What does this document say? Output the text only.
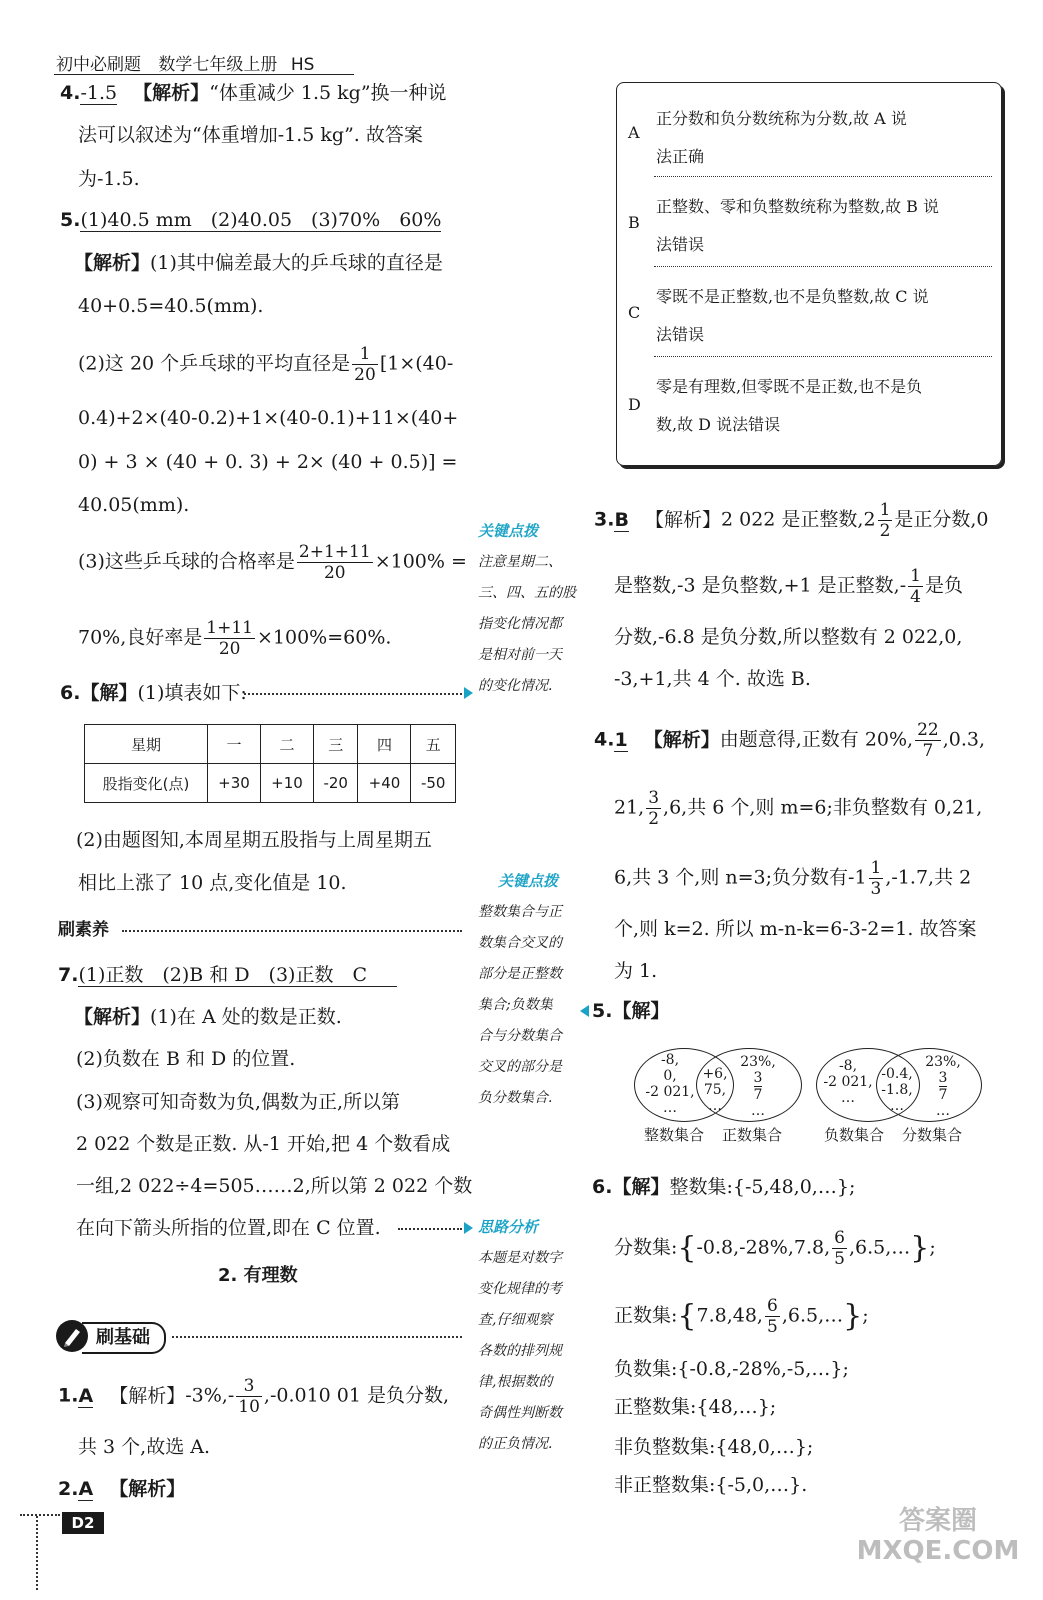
初中必刷题 数学七年级上册 HS
4.-1.5 【解析】“体重减少 1.5 kg”换一种说
法可以叙述为“体重增加-1.5 kg”. 故答案
为-1.5.
5.(1)40.5 mm　(2)40.05　(3)70%　60%
【解析】(1)其中偏差最大的乒乓球的直径是
40+0.5=40.5(mm).
(2)这 20 个乒乓球的平均直径是 $\frac{1}{20} [1\times(40-$
0.4)+2×(40-0.2)+1×(40-0.1)+11×(40+
0) + 3 × (40 + 0. 3) + 2× (40 + 0.5)] =
40.05(mm).
(3)这些乒乓球的合格率是 $\frac{2+1+11}{20} \times 100\%$ =
70%,良好率是 $\frac{1+11}{20} \times 100\%=60\%$.
6.【解】(1)填表如下:
星期	一	二	三	四	五
股指变化(点)	+30	+10	-20	+40	-50
(2)由题图知,本周星期五股指与上周星期五
相比上涨了 10 点,变化值是 10.
刷素养
7.(1)正数　(2)B 和 D　(3)正数　C
【解析】(1)在 A 处的数是正数.
(2)负数在 B 和 D 的位置.
(3)观察可知奇数为负,偶数为正,所以第
2 022 个数是正数. 从-1 开始,把 4 个数看成
一组,2 022÷4=505……2,所以第 2 022 个数
在向下箭头所指的位置,即在 C 位置.
2. 有理数
刷基础
1.A 【解析】$-3\%,- \frac{3}{10} ,-0.010$ 01 是负分数,
共 3 个,故选 A.
2.A 【解析】
D2
关键点拨
注意星期二、
三、四、五的股
指变化情况都
是相对前一天
的变化情况.
关键点拨
整数集合与正
数集合交叉的
部分是正整数
集合;负数集
合与分数集合
交叉的部分是
负分数集合.
思路分析
本题是对数字
变化规律的考
查,仔细观察
各数的排列规
律,根据数的
奇偶性判断数
的正负情况.
A
正分数和负分数统称为分数,故 A 说
法正确
B
正整数、零和负整数统称为整数,故 B 说
法错误
C
零既不是正整数,也不是负整数,故 C 说
法错误
D
零是有理数,但零既不是正数,也不是负
数,故 D 说法错误
3.B 【解析】2 022 是正整数$,2 \frac{1}{2}$ 是正分数,0
是整数,-3 是负整数,+1 是正整数,- $\frac{1}{4}$ 是负
分数,-6.8 是负分数,所以整数有 2 022,0,
-3,+1,共 4 个. 故选 B.
4.1 【解析】由题意得,正数有 20%, $\frac{22}{7} ,0.3$,
21, $\frac{3}{2} ,6$,共 6 个,则 m=6;非负整数有 0,21,
6,共 3 个,则 n=3;负分数有$-1 \frac{1}{3} ,-1.7$,共 2
个,则 k=2. 所以 m-n-k=6-3-2=1. 故答案
为 1.
5.【解】
-8,
0,
-2 021,
…
+6,
75,
…
23%,
3
7
…
整数集合 正数集合
-8,
-2 021,
…
-0.4,
-1.8,
…
23%,
3
7
…
负数集合 分数集合
6.【解】整数集:{-5,48,0,…};
分数集:{-0.8,-28%,7.8, $\frac{6}{5}$ ,6.5,…};
正数集:{7.8,48, $\frac{6}{5}$ ,6.5,…};
负数集:{-0.8,-28%,-5,…};
正整数集:{48,…};
非负整数集:{48,0,…};
非正整数集:{-5,0,…}.
答案圈 MXQE.COM
